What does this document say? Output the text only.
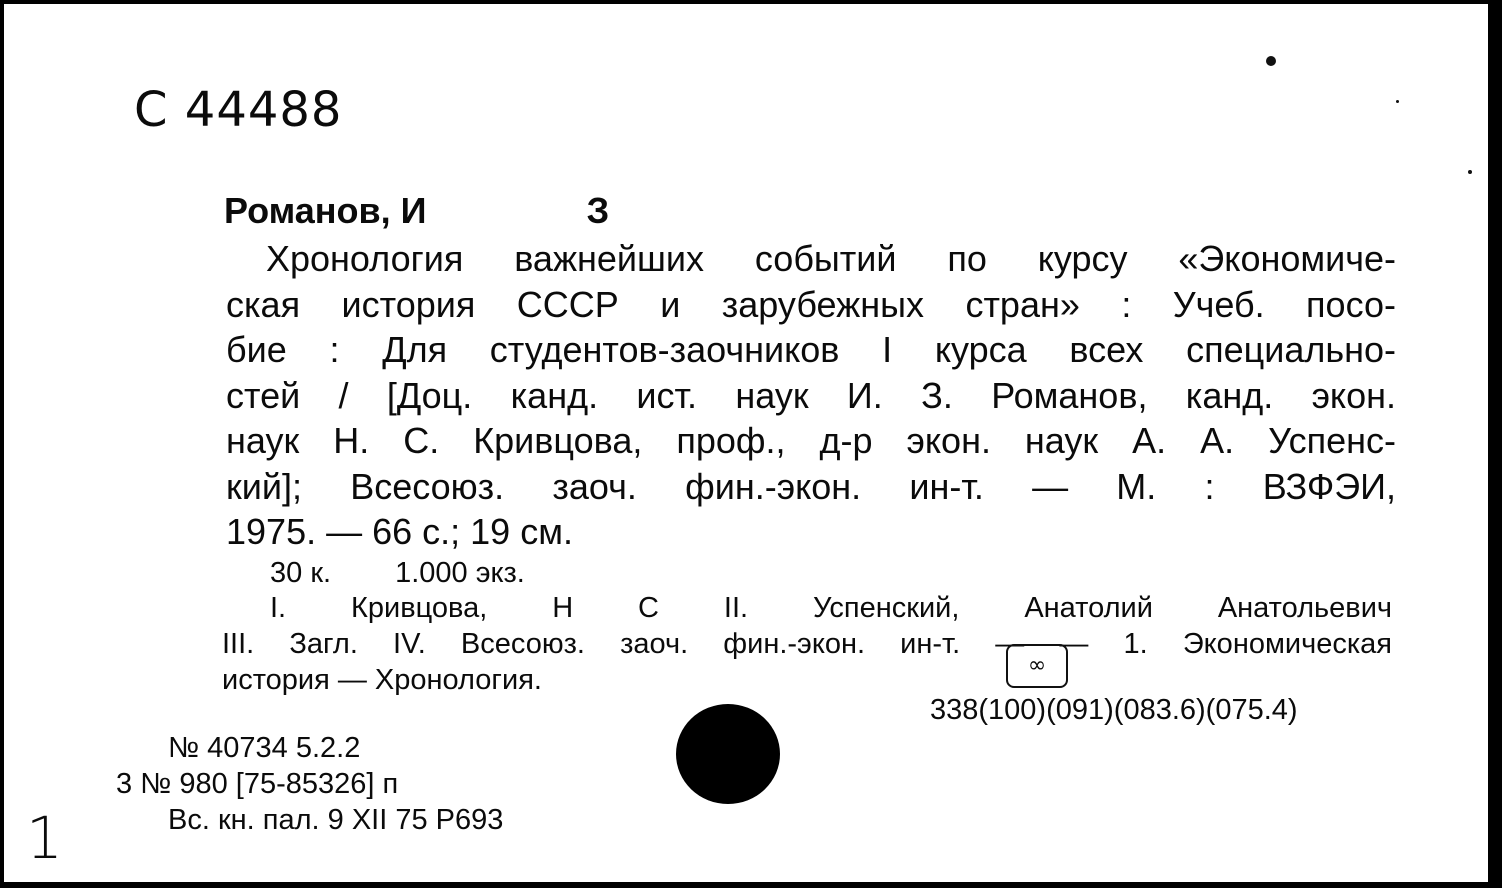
С 44488
Романов, И	З
Хронология важнейших событий по курсу «Экономиче-
ская история СССР и зарубежных стран» : Учеб. посо-
бие : Для студентов-заочников I курса всех специально-
стей / [Доц. канд. ист. наук И. З. Романов, канд. экон.
наук Н. С. Кривцова, проф., д-р экон. наук А. А. Успенс-
кий]; Всесоюз. заоч. фин.-экон. ин-т. — М. : ВЗФЭИ,
1975. — 66 с.; 19 см.
30 к. 1.000 экз.
I. Кривцова, Н С II. Успенский, Анатолий Анатольевич
III. Загл. IV. Всесоюз. заоч. фин.-экон. ин-т. — — 1. Экономическая
история — Хронология.	∞
338(100)(091)(083.6)(075.4)
№ 40734 5.2.2
3 № 980 [75-85326] п
Вс. кн. пал. 9 XII 75 Р693
1
